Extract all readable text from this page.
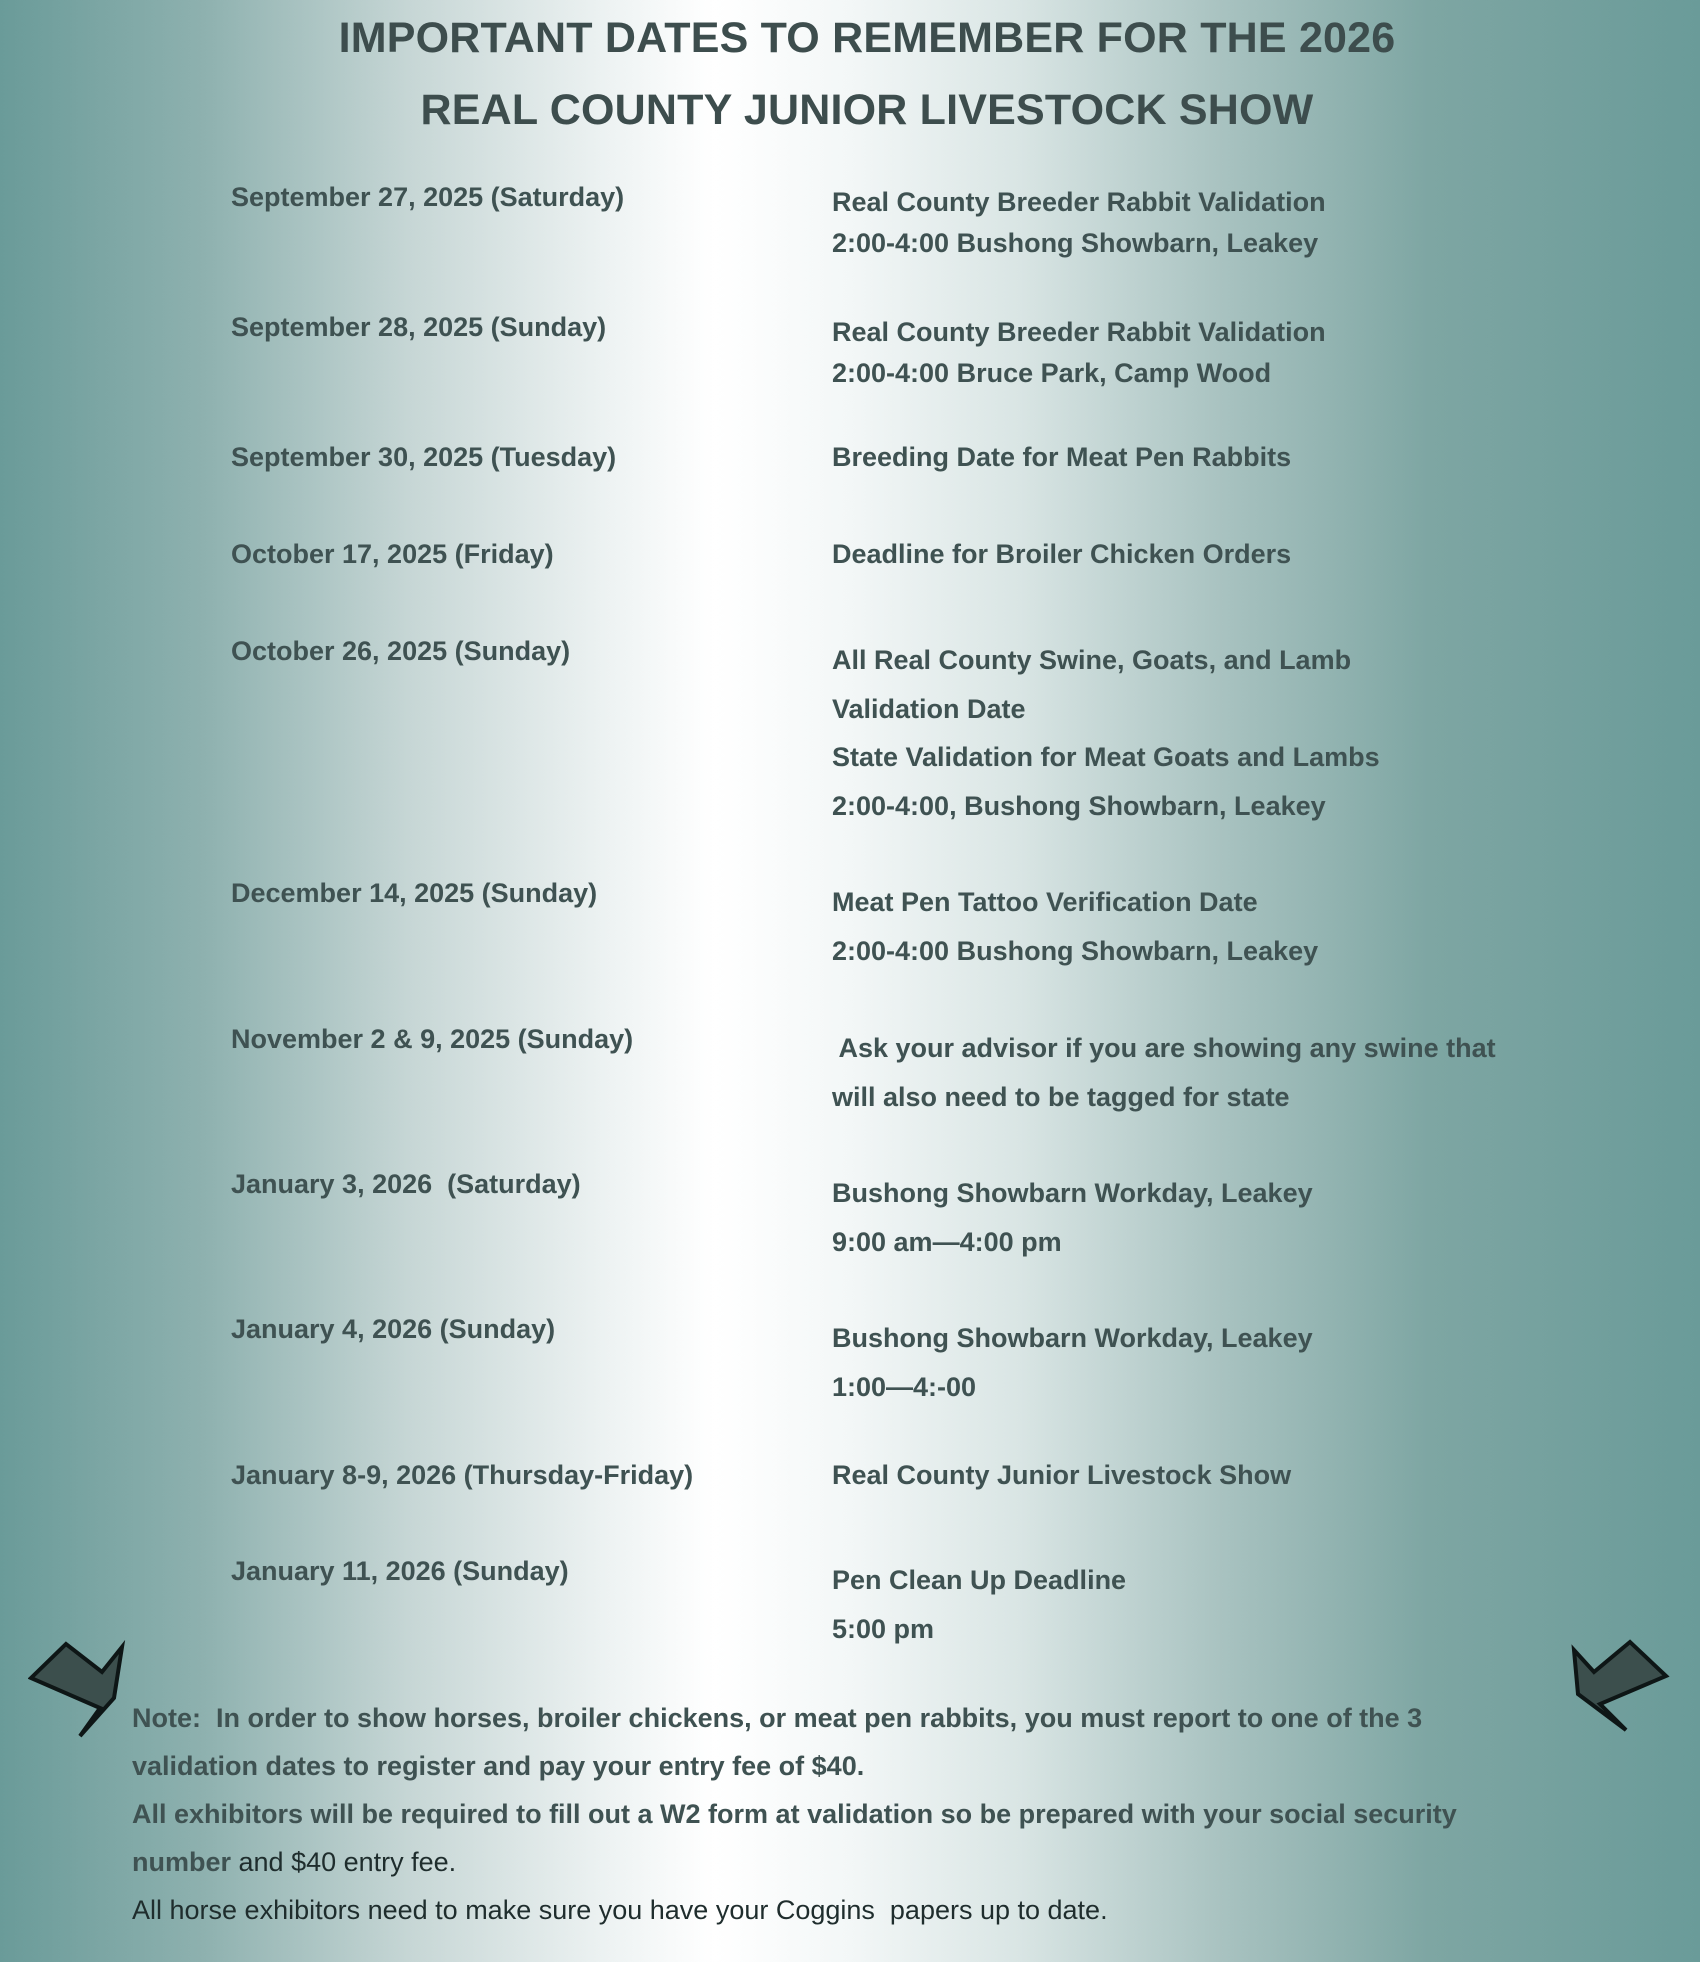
IMPORTANT DATES TO REMEMBER FOR THE 2026
REAL COUNTY JUNIOR LIVESTOCK SHOW
September 27, 2025 (Saturday)	Real County Breeder Rabbit Validation
2:00-4:00 Bushong Showbarn, Leakey
September 28, 2025 (Sunday)	Real County Breeder Rabbit Validation
2:00-4:00 Bruce Park, Camp Wood
September 30, 2025 (Tuesday)	Breeding Date for Meat Pen Rabbits
October 17, 2025 (Friday)	Deadline for Broiler Chicken Orders
October 26, 2025 (Sunday)	All Real County Swine, Goats, and Lamb
Validation Date
State Validation for Meat Goats and Lambs
2:00-4:00, Bushong Showbarn, Leakey
December 14, 2025 (Sunday)	Meat Pen Tattoo Verification Date
2:00-4:00 Bushong Showbarn, Leakey
November 2 & 9, 2025 (Sunday)	Ask your advisor if you are showing any swine that
will also need to be tagged for state
January 3, 2026  (Saturday)	Bushong Showbarn Workday, Leakey
9:00 am—4:00 pm
January 4, 2026 (Sunday)	Bushong Showbarn Workday, Leakey
1:00—4:-00
January 8-9, 2026 (Thursday-Friday)	Real County Junior Livestock Show
January 11, 2026 (Sunday)	Pen Clean Up Deadline
5:00 pm
Note:  In order to show horses, broiler chickens, or meat pen rabbits, you must report to one of the 3
validation dates to register and pay your entry fee of $40.
All exhibitors will be required to fill out a W2 form at validation so be prepared with your social security
number and $40 entry fee.
All horse exhibitors need to make sure you have your Coggins  papers up to date.
